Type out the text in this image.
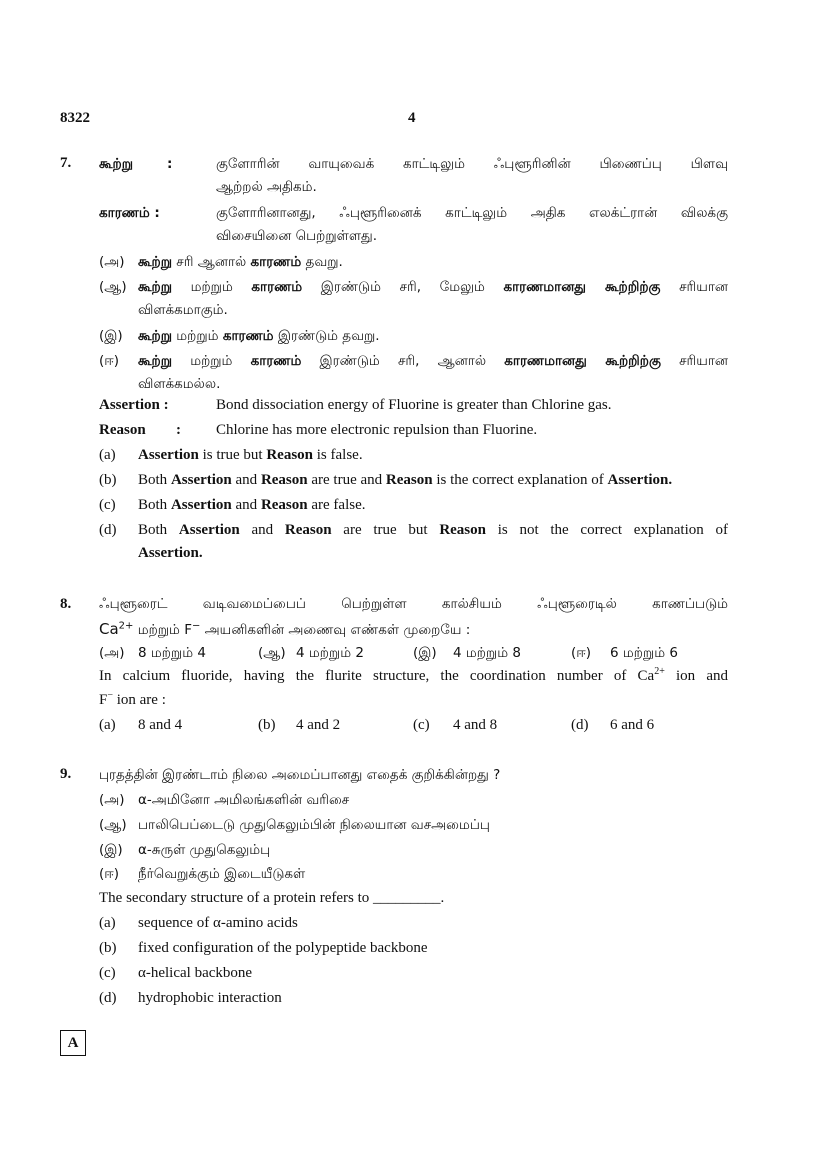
8322	4
7. கூற்று	:	குளோரின் வாயுவைக் காட்டிலும் ஃபுளூரினின் பிணைப்பு பிளவு
ஆற்றல் அதிகம்.
காரணம் :	குளோரினானது, ஃபுளூரினைக் காட்டிலும் அதிக எலக்ட்ரான் விலக்கு
விசையினை பெற்றுள்ளது.
(அ) கூற்று சரி ஆனால் காரணம் தவறு.
(ஆ) கூற்று மற்றும் காரணம் இரண்டும் சரி, மேலும் காரணமானது கூற்றிற்கு சரியான
விளக்கமாகும்.
(இ) கூற்று மற்றும் காரணம் இரண்டும் தவறு.
(ஈ) கூற்று மற்றும் காரணம் இரண்டும் சரி, ஆனால் காரணமானது கூற்றிற்கு சரியான
விளக்கமல்ல.
Assertion :	Bond dissociation energy of Fluorine is greater than Chlorine gas.
Reason : Chlorine has more electronic repulsion than Fluorine.
(a) Assertion is true but Reason is false.
(b) Both Assertion and Reason are true and Reason is the correct explanation of Assertion.
(c) Both Assertion and Reason are false.
(d) Both Assertion and Reason are true but Reason is not the correct explanation of
Assertion.
8. ஃபுளூரைட் வடிவமைப்பைப் பெற்றுள்ள கால்சியம் ஃபுளூரைடில் காணப்படும்
$Ca^{2+}$ மற்றும் F− அயனிகளின் அணைவு எண்கள் முறையே :
(அ) 8 மற்றும் 4	(ஆ) 4 மற்றும் 2	(இ) 4 மற்றும் 8	(ஈ) 6 மற்றும் 6
In calcium fluoride, having the flurite structure, the coordination number of $Ca^{2+}$ ion and
F− ion are :
(a) 8 and 4	(b) 4 and 2	(c) 4 and 8	(d) 6 and 6
9. புரதத்தின் இரண்டாம் நிலை அமைப்பானது எதைக் குறிக்கின்றது ?
(அ) α-அமினோ அமிலங்களின் வரிசை
(ஆ) பாலிபெப்டைடு முதுகெலும்பின் நிலையான வசஅமைப்பு
(இ) α-சுருள் முதுகெலும்பு
(ஈ) நீர்வெறுக்கும் இடையீடுகள்
The secondary structure of a protein refers to _________.
(a) sequence of α-amino acids
(b) fixed configuration of the polypeptide backbone
(c) α-helical backbone
(d) hydrophobic interaction
A
